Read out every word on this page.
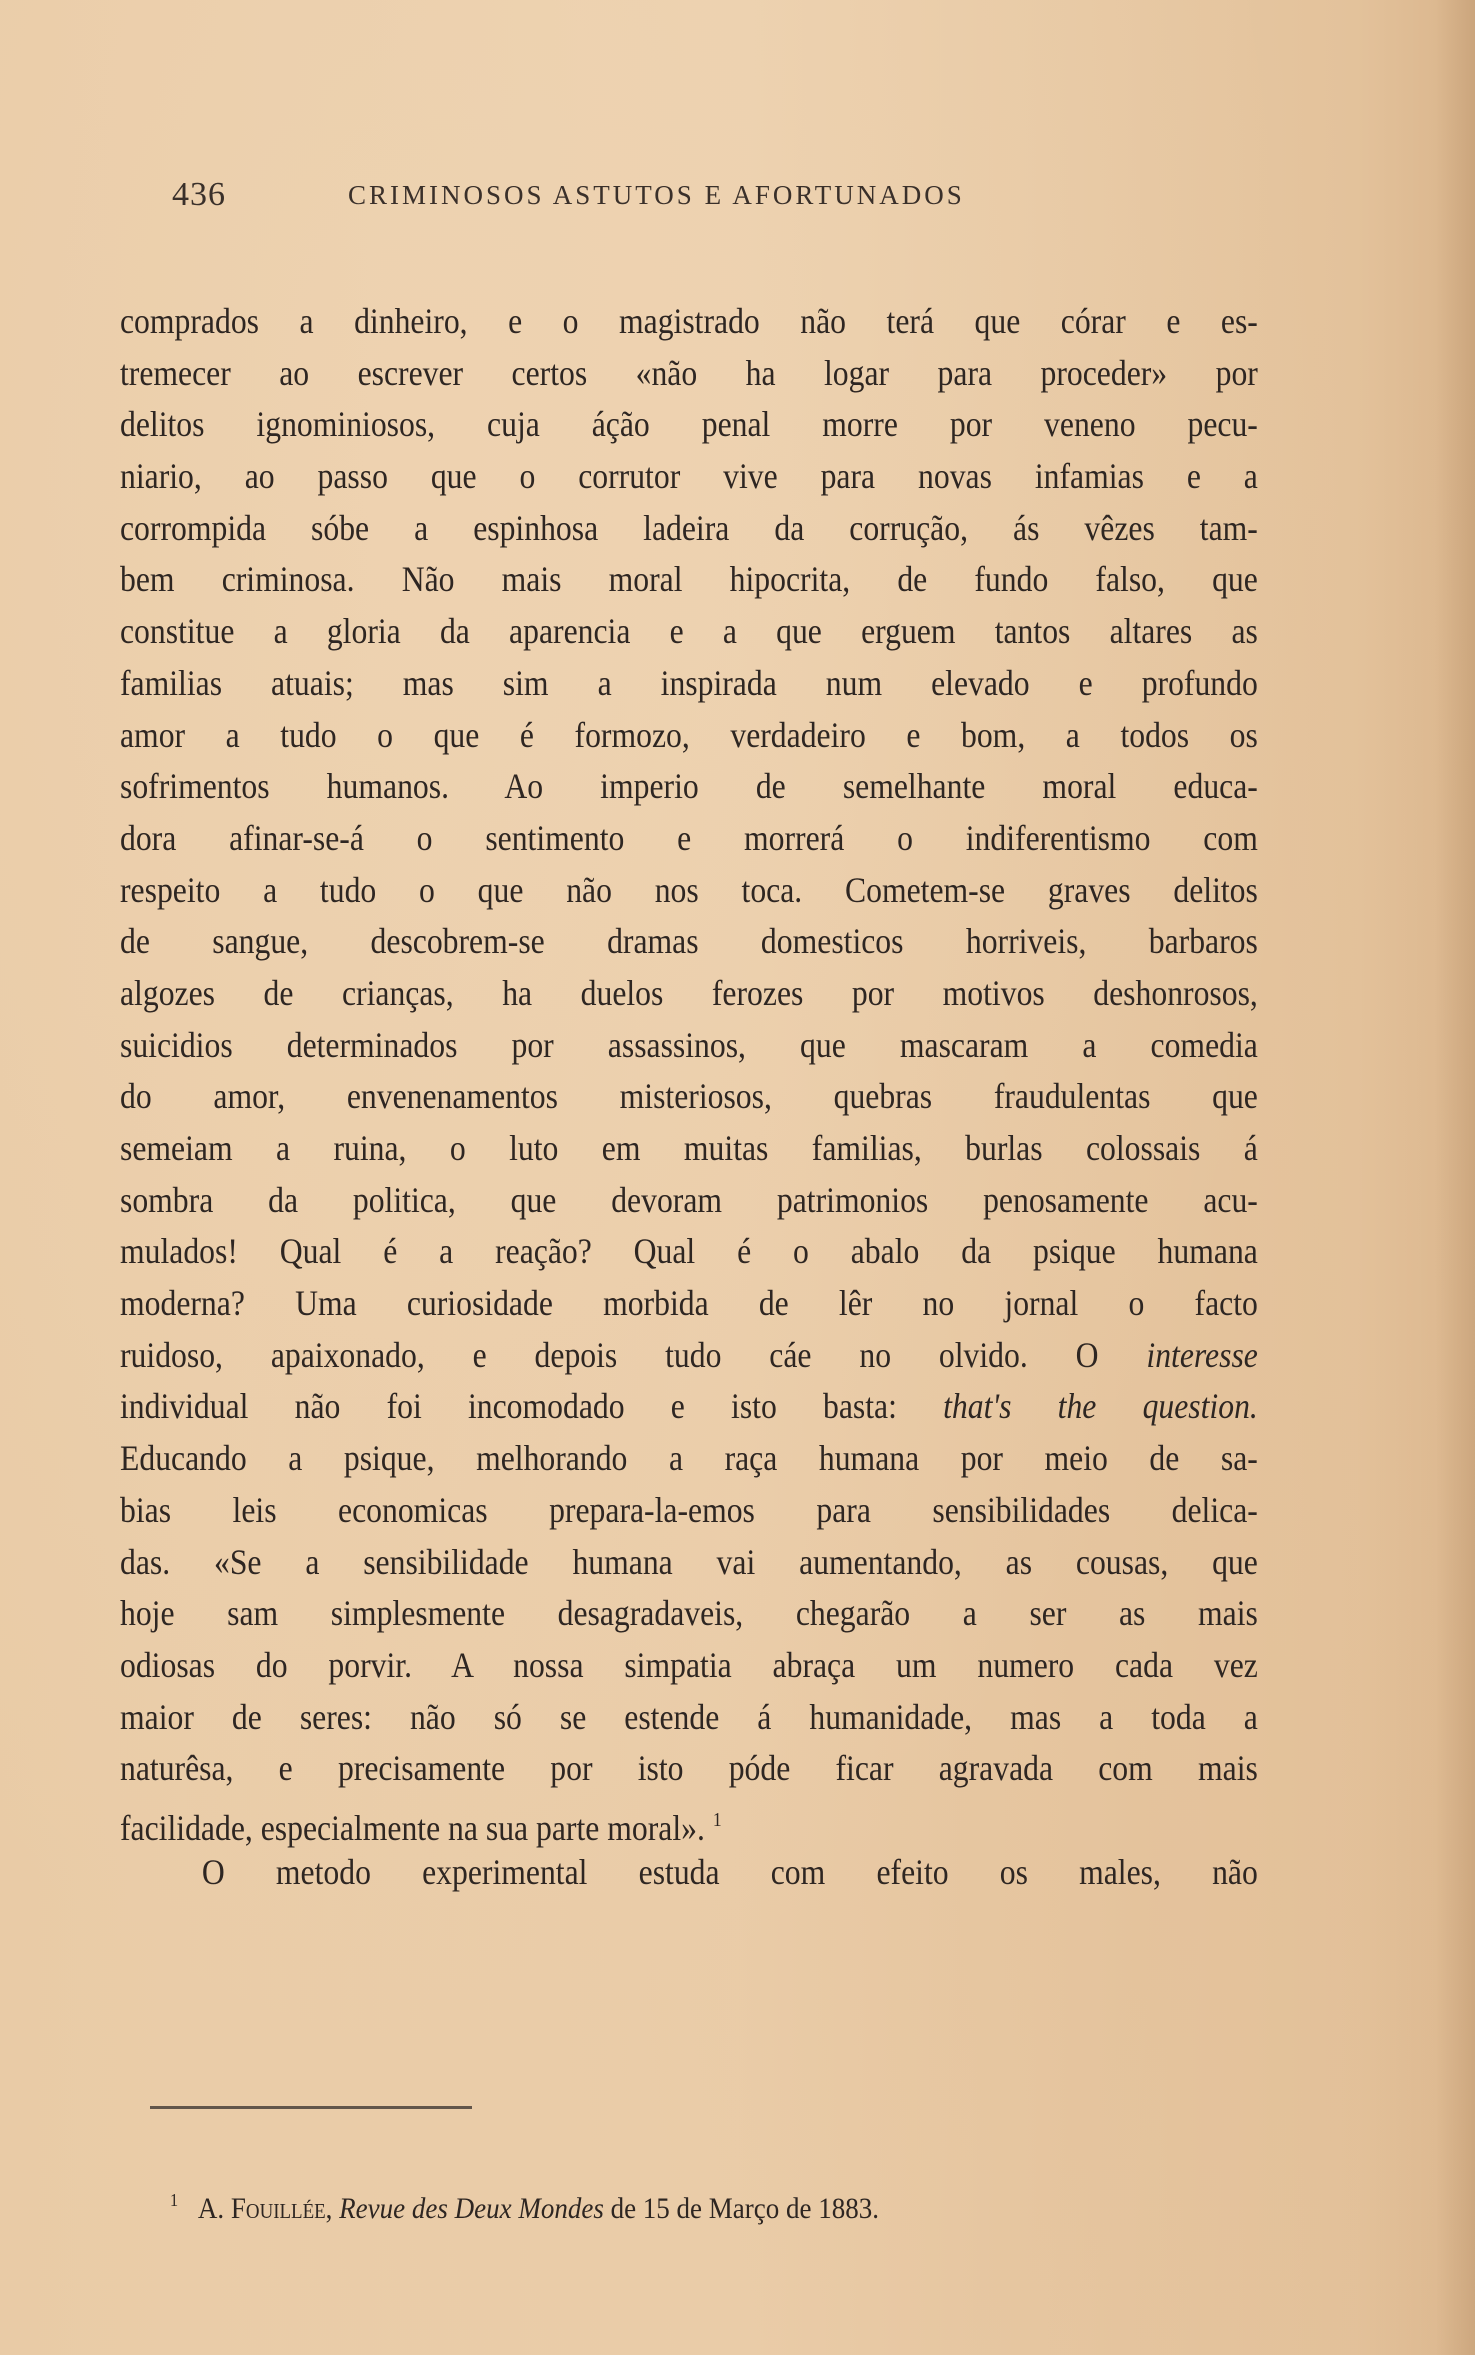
436	CRIMINOSOS ASTUTOS E AFORTUNADOS
comprados a dinheiro, e o magistrado não terá que córar e es-
tremecer ao escrever certos «não ha logar para proceder» por
delitos ignominiosos, cuja áção penal morre por veneno pecu-
niario, ao passo que o corrutor vive para novas infamias e a
corrompida sóbe a espinhosa ladeira da corrução, ás vêzes tam-
bem criminosa. Não mais moral hipocrita, de fundo falso, que
constitue a gloria da aparencia e a que erguem tantos altares as
familias atuais; mas sim a inspirada num elevado e profundo
amor a tudo o que é formozo, verdadeiro e bom, a todos os
sofrimentos humanos. Ao imperio de semelhante moral educa-
dora afinar-se-á o sentimento e morrerá o indiferentismo com
respeito a tudo o que não nos toca. Cometem-se graves delitos
de sangue, descobrem-se dramas domesticos horriveis, barbaros
algozes de crianças, ha duelos ferozes por motivos deshonrosos,
suicidios determinados por assassinos, que mascaram a comedia
do amor, envenenamentos misteriosos, quebras fraudulentas que
semeiam a ruina, o luto em muitas familias, burlas colossais á
sombra da politica, que devoram patrimonios penosamente acu-
mulados! Qual é a reação? Qual é o abalo da psique humana
moderna? Uma curiosidade morbida de lêr no jornal o facto
ruidoso, apaixonado, e depois tudo cáe no olvido. O interesse
individual não foi incomodado e isto basta: that's the question.
Educando a psique, melhorando a raça humana por meio de sa-
bias leis economicas prepara-la-emos para sensibilidades delica-
das. «Se a sensibilidade humana vai aumentando, as cousas, que
hoje sam simplesmente desagradaveis, chegarão a ser as mais
odiosas do porvir. A nossa simpatia abraça um numero cada vez
maior de seres: não só se estende á humanidade, mas a toda a
naturêsa, e precisamente por isto póde ficar agravada com mais
facilidade, especialmente na sua parte moral». $^1$
O metodo experimental estuda com efeito os males, não
$^1$ A. Fouillée, Revue des Deux Mondes de 15 de Março de 1883.
